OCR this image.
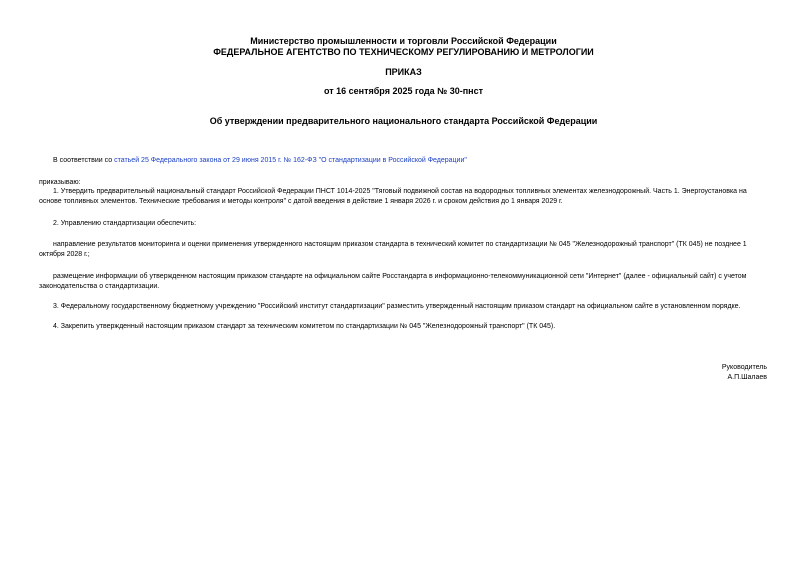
Министерство промышленности и торговли Российской Федерации
ФЕДЕРАЛЬНОЕ АГЕНТСТВО ПО ТЕХНИЧЕСКОМУ РЕГУЛИРОВАНИЮ И МЕТРОЛОГИИ
ПРИКАЗ
от 16 сентября 2025 года № 30-пнст
Об утверждении предварительного национального стандарта Российской Федерации
В соответствии со статьей 25 Федерального закона от 29 июня 2015 г. № 162-ФЗ "О стандартизации в Российской Федерации"
приказываю:
1. Утвердить предварительный национальный стандарт Российской Федерации ПНСТ 1014-2025 "Тяговый подвижной состав на водородных топливных элементах железнодорожный. Часть 1. Энергоустановка на основе топливных элементов. Технические требования и методы контроля" с датой введения в действие 1 января 2026 г. и сроком действия до 1 января 2029 г.
2. Управлению стандартизации обеспечить:
направление результатов мониторинга и оценки применения утвержденного настоящим приказом стандарта в технический комитет по стандартизации № 045 "Железнодорожный транспорт" (ТК 045) не позднее 1 октября 2028 г.;
размещение информации об утвержденном настоящим приказом стандарте на официальном сайте Росстандарта в информационно-телекоммуникационной сети "Интернет" (далее - официальный сайт) с учетом законодательства о стандартизации.
3. Федеральному государственному бюджетному учреждению "Российский институт стандартизации" разместить утвержденный настоящим приказом стандарт на официальном сайте в установленном порядке.
4. Закрепить утвержденный настоящим приказом стандарт за техническим комитетом по стандартизации № 045 "Железнодорожный транспорт" (ТК 045).
Руководитель
А.П.Шалаев
